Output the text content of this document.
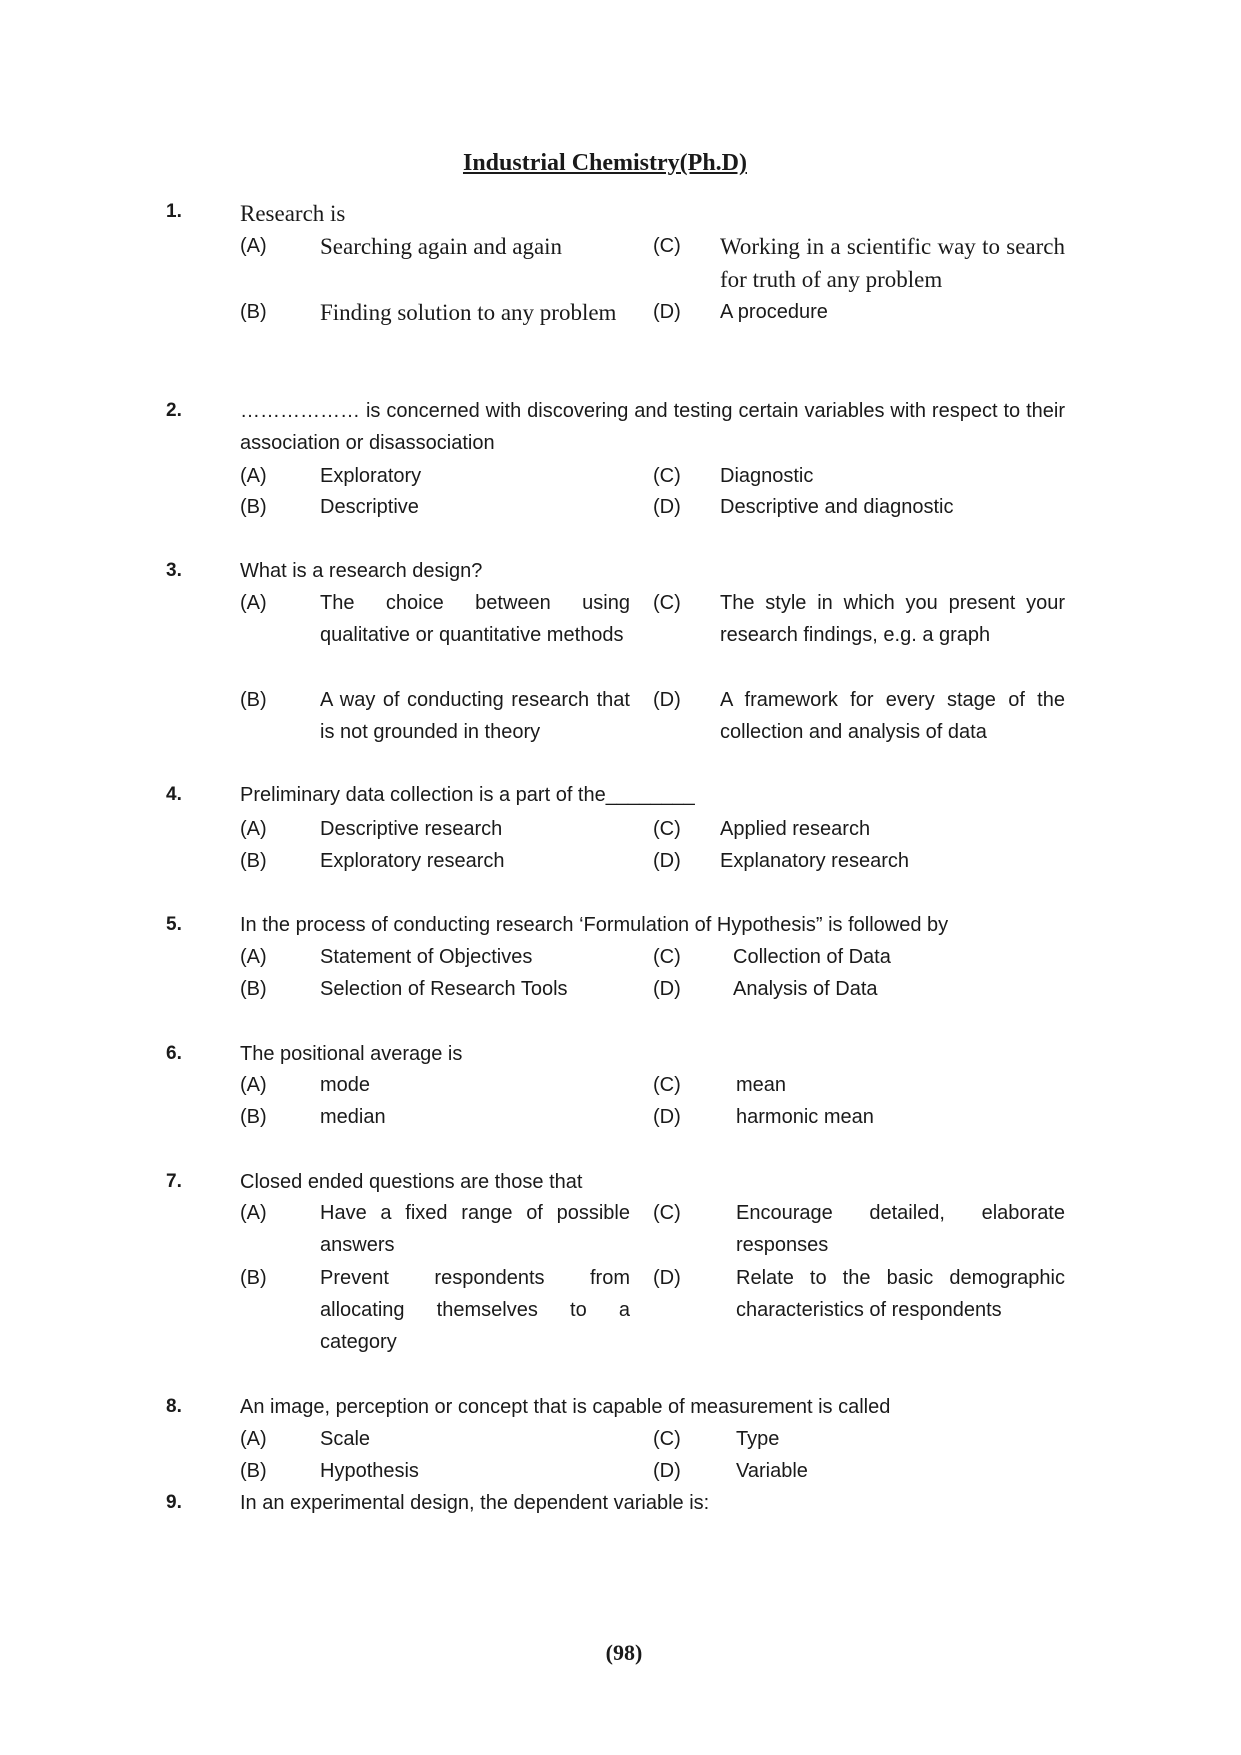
Industrial Chemistry(Ph.D)
1.	Research is
(A) Searching again and again	(C) Working in a scientific way to search for truth of any problem
(B) Finding solution to any problem	(D) A procedure
2.	……………… is concerned with discovering and testing certain variables with respect to their association or disassociation
(A)	Exploratory	(C) Diagnostic
(B)	Descriptive	(D) Descriptive and diagnostic
3.	What is a research design?
(A)	The choice between using qualitative or quantitative methods
(C) The style in which you present your research findings, e.g. a graph
(B)	A way of conducting research that is not grounded in theory
(D) A framework for every stage of the collection and analysis of data
4.	Preliminary data collection is a part of the________
(A)	Descriptive research	(C) Applied research
(B)	Exploratory research	(D) Explanatory research
5.	In the process of conducting research ‘Formulation of Hypothesis” is followed by
(A)	Statement of Objectives	(C)	Collection of Data
(B)	Selection of Research Tools	(D)	Analysis of Data
6.	The positional average is
(A)	mode	(C)	mean
(B)	median	(D)	harmonic mean
7.	Closed ended questions are those that
(A)	Have a fixed range of possible answers
(C)	Encourage detailed, elaborate responses
(B)	Prevent respondents from allocating themselves to a category
(D)	Relate to the basic demographic characteristics of respondents
8.	An image, perception or concept that is capable of measurement is called
(A)	Scale	(C)	Type
(B)	Hypothesis	(D)	Variable
9.	In an experimental design, the dependent variable is:
(98)
